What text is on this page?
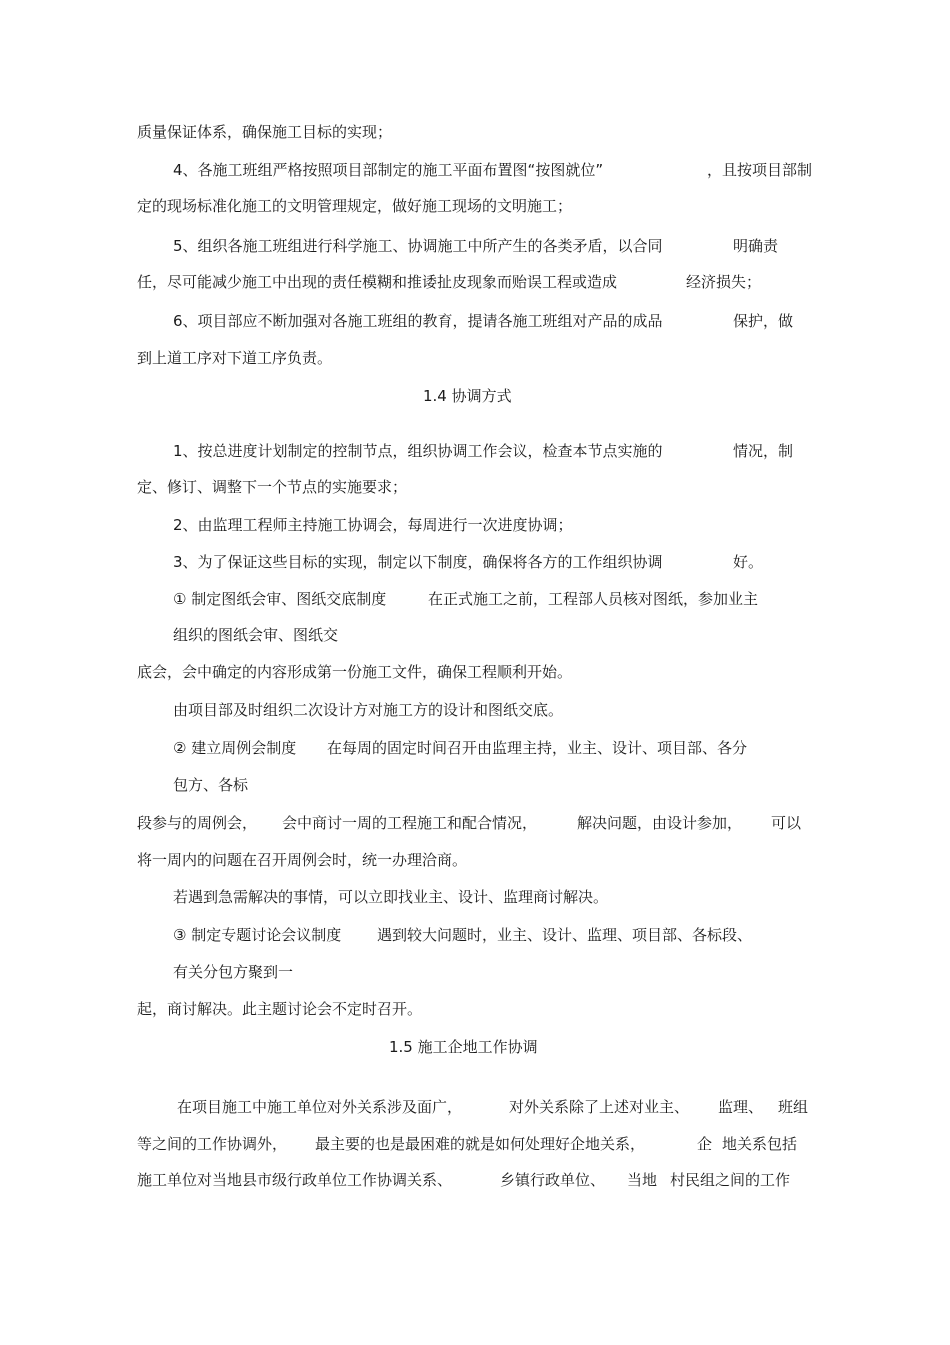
质量保证体系，确保施工目标的实现；
4、各施工班组严格按照项目部制定的施工平面布置图“按图就位”	，且按项目部制
定的现场标准化施工的文明管理规定，做好施工现场的文明施工；
5、组织各施工班组进行科学施工、协调施工中所产生的各类矛盾，以合同	明确责
任，尽可能减少施工中出现的责任模糊和推诿扯皮现象而贻误工程或造成	经济损失；
6、项目部应不断加强对各施工班组的教育，提请各施工班组对产品的成品	保护，做
到上道工序对下道工序负责。
1.4 协调方式
1、按总进度计划制定的控制节点，组织协调工作会议，检查本节点实施的	情况，制
定、修订、调整下一个节点的实施要求；
2、由监理工程师主持施工协调会，每周进行一次进度协调；
3、为了保证这些目标的实现，制定以下制度，确保将各方的工作组织协调	好。
① 制定图纸会审、图纸交底制度	在正式施工之前，工程部人员核对图纸，参加业主
组织的图纸会审、图纸交
底会，会中确定的内容形成第一份施工文件，确保工程顺利开始。
由项目部及时组织二次设计方对施工方的设计和图纸交底。
② 建立周例会制度 在每周的固定时间召开由监理主持，业主、设计、项目部、各分
包方、各标
段参与的周例会， 会中商讨一周的工程施工和配合情况，	解决问题，由设计参加， 可以
将一周内的问题在召开周例会时，统一办理洽商。
若遇到急需解决的事情，可以立即找业主、设计、监理商讨解决。
③ 制定专题讨论会议制度 遇到较大问题时，业主、设计、监理、项目部、各标段、
有关分包方聚到一
起，商讨解决。此主题讨论会不定时召开。
1.5 施工企地工作协调
在项目施工中施工单位对外关系涉及面广，	对外关系除了上述对业主、 监理、 班组
等之间的工作协调外， 最主要的也是最困难的就是如何处理好企地关系，	企 地关系包括
施工单位对当地县市级行政单位工作协调关系、	乡镇行政单位、 当地 村民组之间的工作
